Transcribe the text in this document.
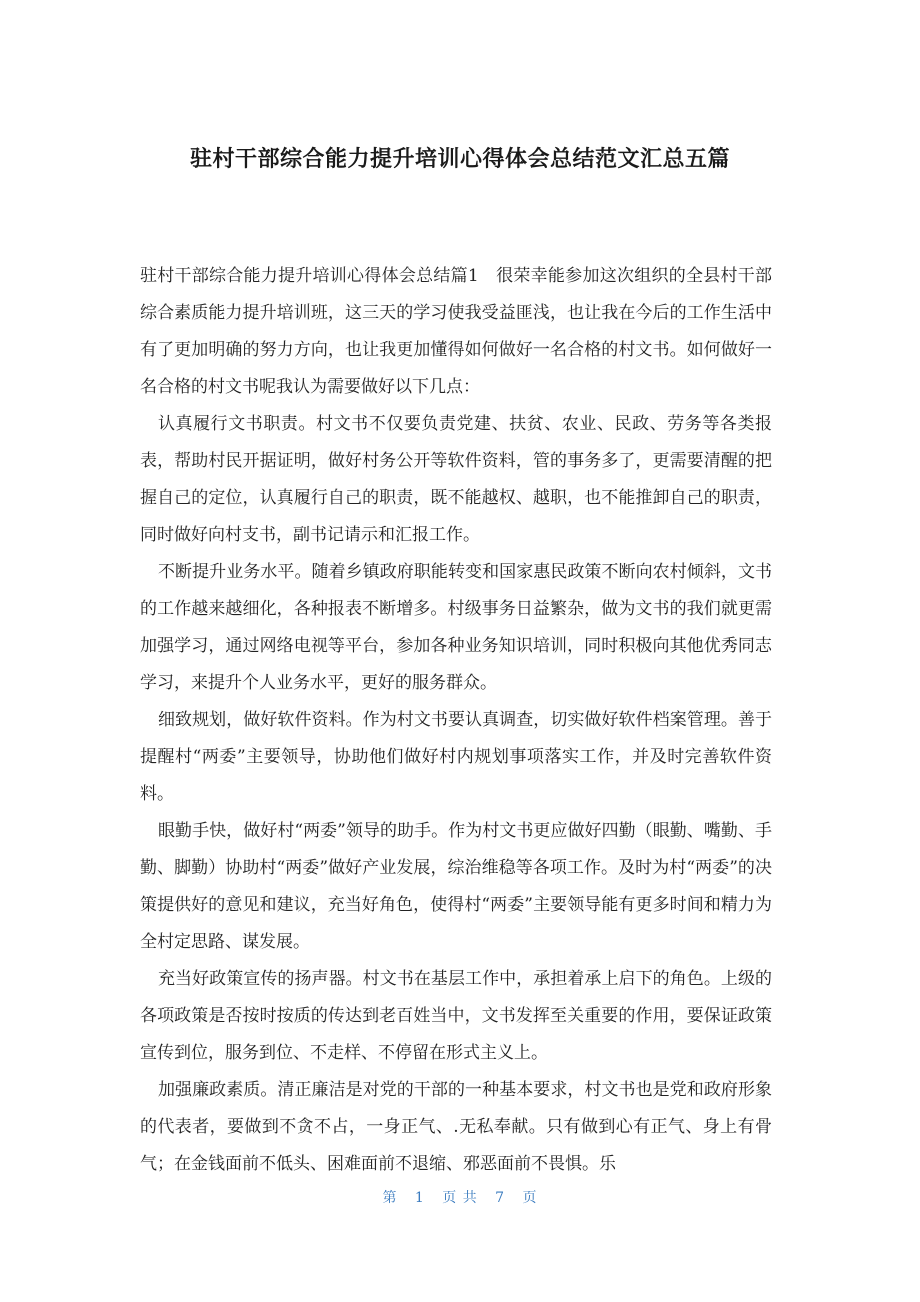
驻村干部综合能力提升培训心得体会总结范文汇总五篇

驻村干部综合能力提升培训心得体会总结篇1　很荣幸能参加这次组织的全县村干部综合素质能力提升培训班，这三天的学习使我受益匪浅，也让我在今后的工作生活中有了更加明确的努力方向，也让我更加懂得如何做好一名合格的村文书。如何做好一名合格的村文书呢我认为需要做好以下几点：

认真履行文书职责。村文书不仅要负责党建、扶贫、农业、民政、劳务等各类报表，帮助村民开据证明，做好村务公开等软件资料，管的事务多了，更需要清醒的把握自己的定位，认真履行自己的职责，既不能越权、越职，也不能推卸自己的职责，同时做好向村支书，副书记请示和汇报工作。

不断提升业务水平。随着乡镇政府职能转变和国家惠民政策不断向农村倾斜，文书的工作越来越细化，各种报表不断增多。村级事务日益繁杂，做为文书的我们就更需加强学习，通过网络电视等平台，参加各种业务知识培训，同时积极向其他优秀同志学习，来提升个人业务水平，更好的服务群众。

细致规划，做好软件资料。作为村文书要认真调查，切实做好软件档案管理。善于提醒村“两委”主要领导，协助他们做好村内规划事项落实工作，并及时完善软件资料。

眼勤手快，做好村“两委”领导的助手。作为村文书更应做好四勤（眼勤、嘴勤、手勤、脚勤）协助村“两委”做好产业发展，综治维稳等各项工作。及时为村“两委”的决策提供好的意见和建议，充当好角色，使得村“两委”主要领导能有更多时间和精力为全村定思路、谋发展。

充当好政策宣传的扬声器。村文书在基层工作中，承担着承上启下的角色。上级的各项政策是否按时按质的传达到老百姓当中，文书发挥至关重要的作用，要保证政策宣传到位，服务到位、不走样、不停留在形式主义上。

加强廉政素质。清正廉洁是对党的干部的一种基本要求，村文书也是党和政府形象的代表者，要做到不贪不占，一身正气、.无私奉献。只有做到心有正气、身上有骨气；在金钱面前不低头、困难面前不退缩、邪恶面前不畏惧。乐

第 1 页 共 7 页
